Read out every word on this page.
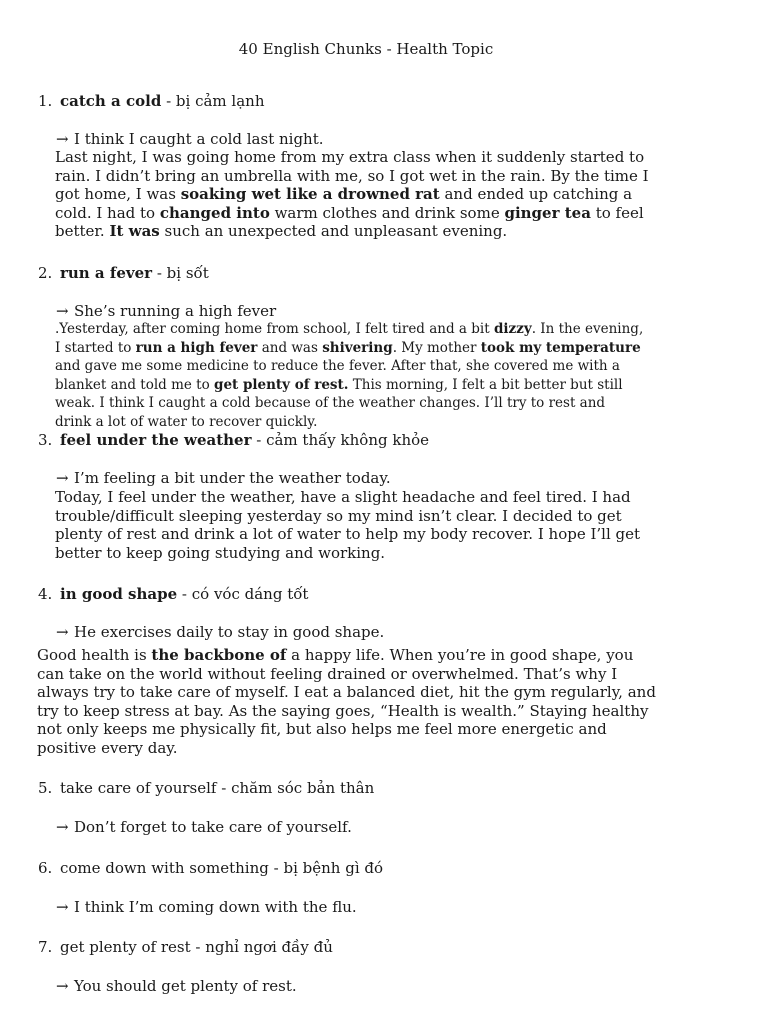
40 English Chunks - Health Topic
1. catch a cold - bị cảm lạnh
→ I think I caught a cold last night.
Last night, I was going home from my extra class when it suddenly started to rain. I didn’t bring an umbrella with me, so I got wet in the rain. By the time I got home, I was soaking wet like a drowned rat and ended up catching a cold. I had to changed into warm clothes and drink some ginger tea to feel better. It was such an unexpected and unpleasant evening.
2. run a fever - bị sốt
→ She’s running a high fever
.Yesterday, after coming home from school, I felt tired and a bit dizzy. In the evening, I started to run a high fever and was shivering. My mother took my temperature and gave me some medicine to reduce the fever. After that, she covered me with a blanket and told me to get plenty of rest. This morning, I felt a bit better but still weak. I think I caught a cold because of the weather changes. I’ll try to rest and drink a lot of water to recover quickly.
3. feel under the weather - cảm thấy không khỏe
→ I’m feeling a bit under the weather today.
Today, I feel under the weather, have a slight headache and feel tired. I had trouble/difficult sleeping yesterday so my mind isn’t clear. I decided to get plenty of rest and drink a lot of water to help my body recover. I hope I’ll get better to keep going studying and working.
4. in good shape - có vóc dáng tốt
→ He exercises daily to stay in good shape.
Good health is the backbone of a happy life. When you’re in good shape, you can take on the world without feeling drained or overwhelmed. That’s why I always try to take care of myself. I eat a balanced diet, hit the gym regularly, and try to keep stress at bay. As the saying goes, “Health is wealth.” Staying healthy not only keeps me physically fit, but also helps me feel more energetic and positive every day.
5. take care of yourself - chăm sóc bản thân
→ Don’t forget to take care of yourself.
6. come down with something - bị bệnh gì đó
→ I think I’m coming down with the flu.
7. get plenty of rest - nghỉ ngơi đầy đủ
→ You should get plenty of rest.
